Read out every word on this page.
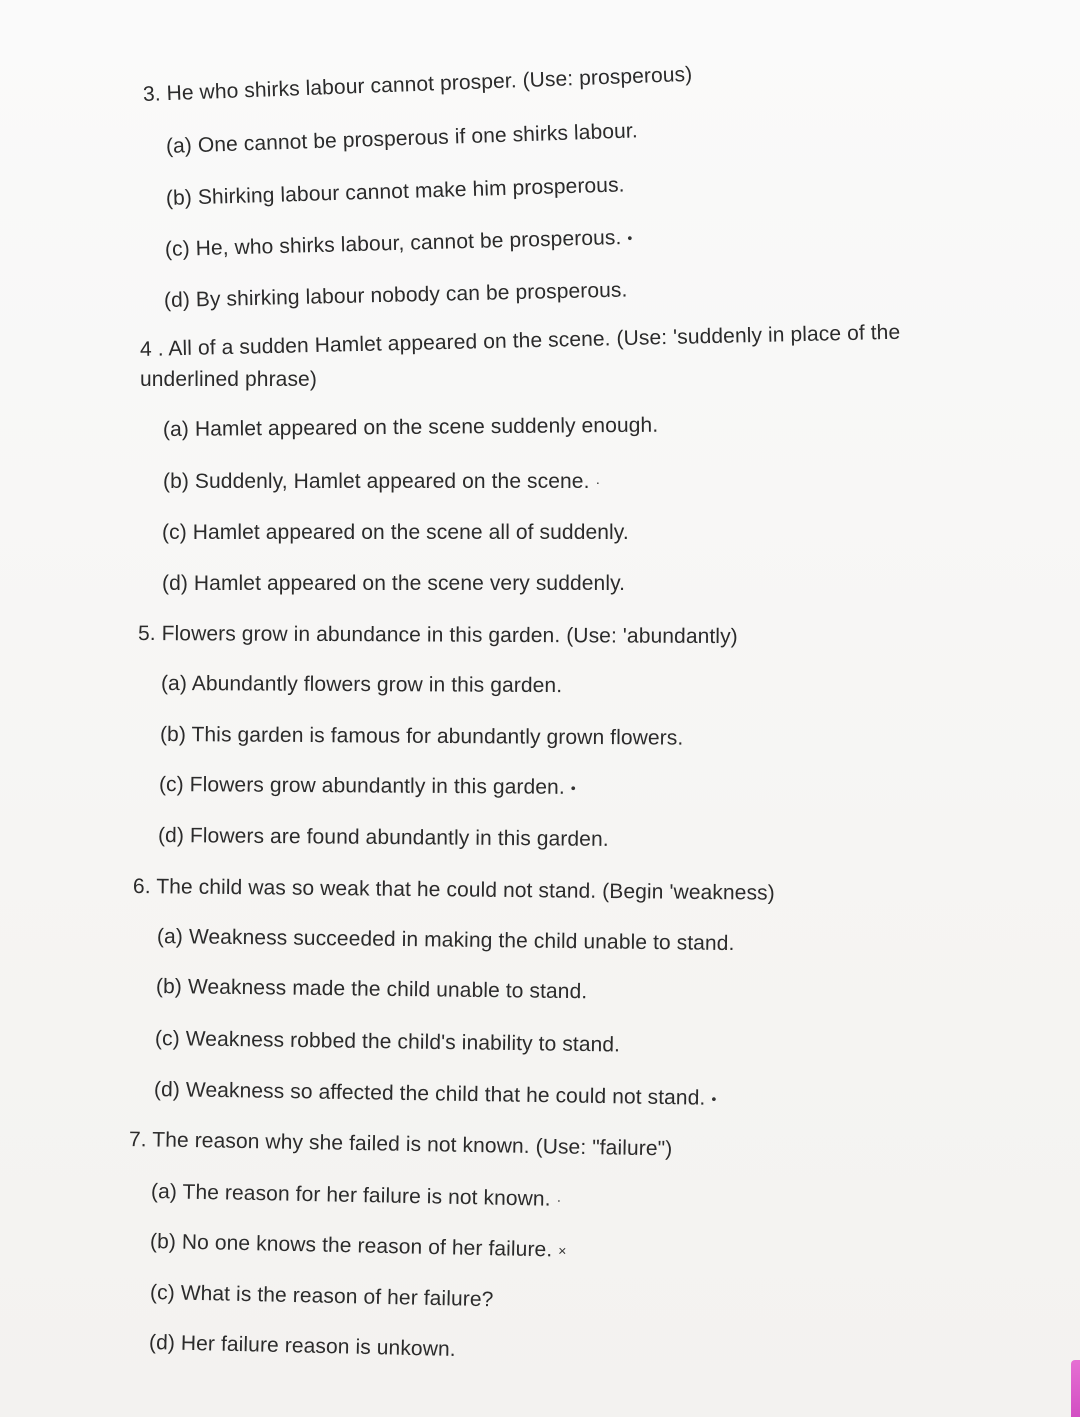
3. He who shirks labour cannot prosper. (Use: prosperous)
(a) One cannot be prosperous if one shirks labour.
(b) Shirking labour cannot make him prosperous.
(c) He, who shirks labour, cannot be prosperous. •
(d) By shirking labour nobody can be prosperous.
4 . All of a sudden Hamlet appeared on the scene. (Use: 'suddenly in place of the
underlined phrase)
(a) Hamlet appeared on the scene suddenly enough.
(b) Suddenly, Hamlet appeared on the scene. ·
(c) Hamlet appeared on the scene all of suddenly.
(d) Hamlet appeared on the scene very suddenly.
5. Flowers grow in abundance in this garden. (Use: 'abundantly)
(a) Abundantly flowers grow in this garden.
(b) This garden is famous for abundantly grown flowers.
(c) Flowers grow abundantly in this garden. •
(d) Flowers are found abundantly in this garden.
6. The child was so weak that he could not stand. (Begin 'weakness)
(a) Weakness succeeded in making the child unable to stand.
(b) Weakness made the child unable to stand.
(c) Weakness robbed the child's inability to stand.
(d) Weakness so affected the child that he could not stand. •
7. The reason why she failed is not known. (Use: "failure")
(a) The reason for her failure is not known. ·
(b) No one knows the reason of her failure. ×
(c) What is the reason of her failure?
(d) Her failure reason is unkown.
